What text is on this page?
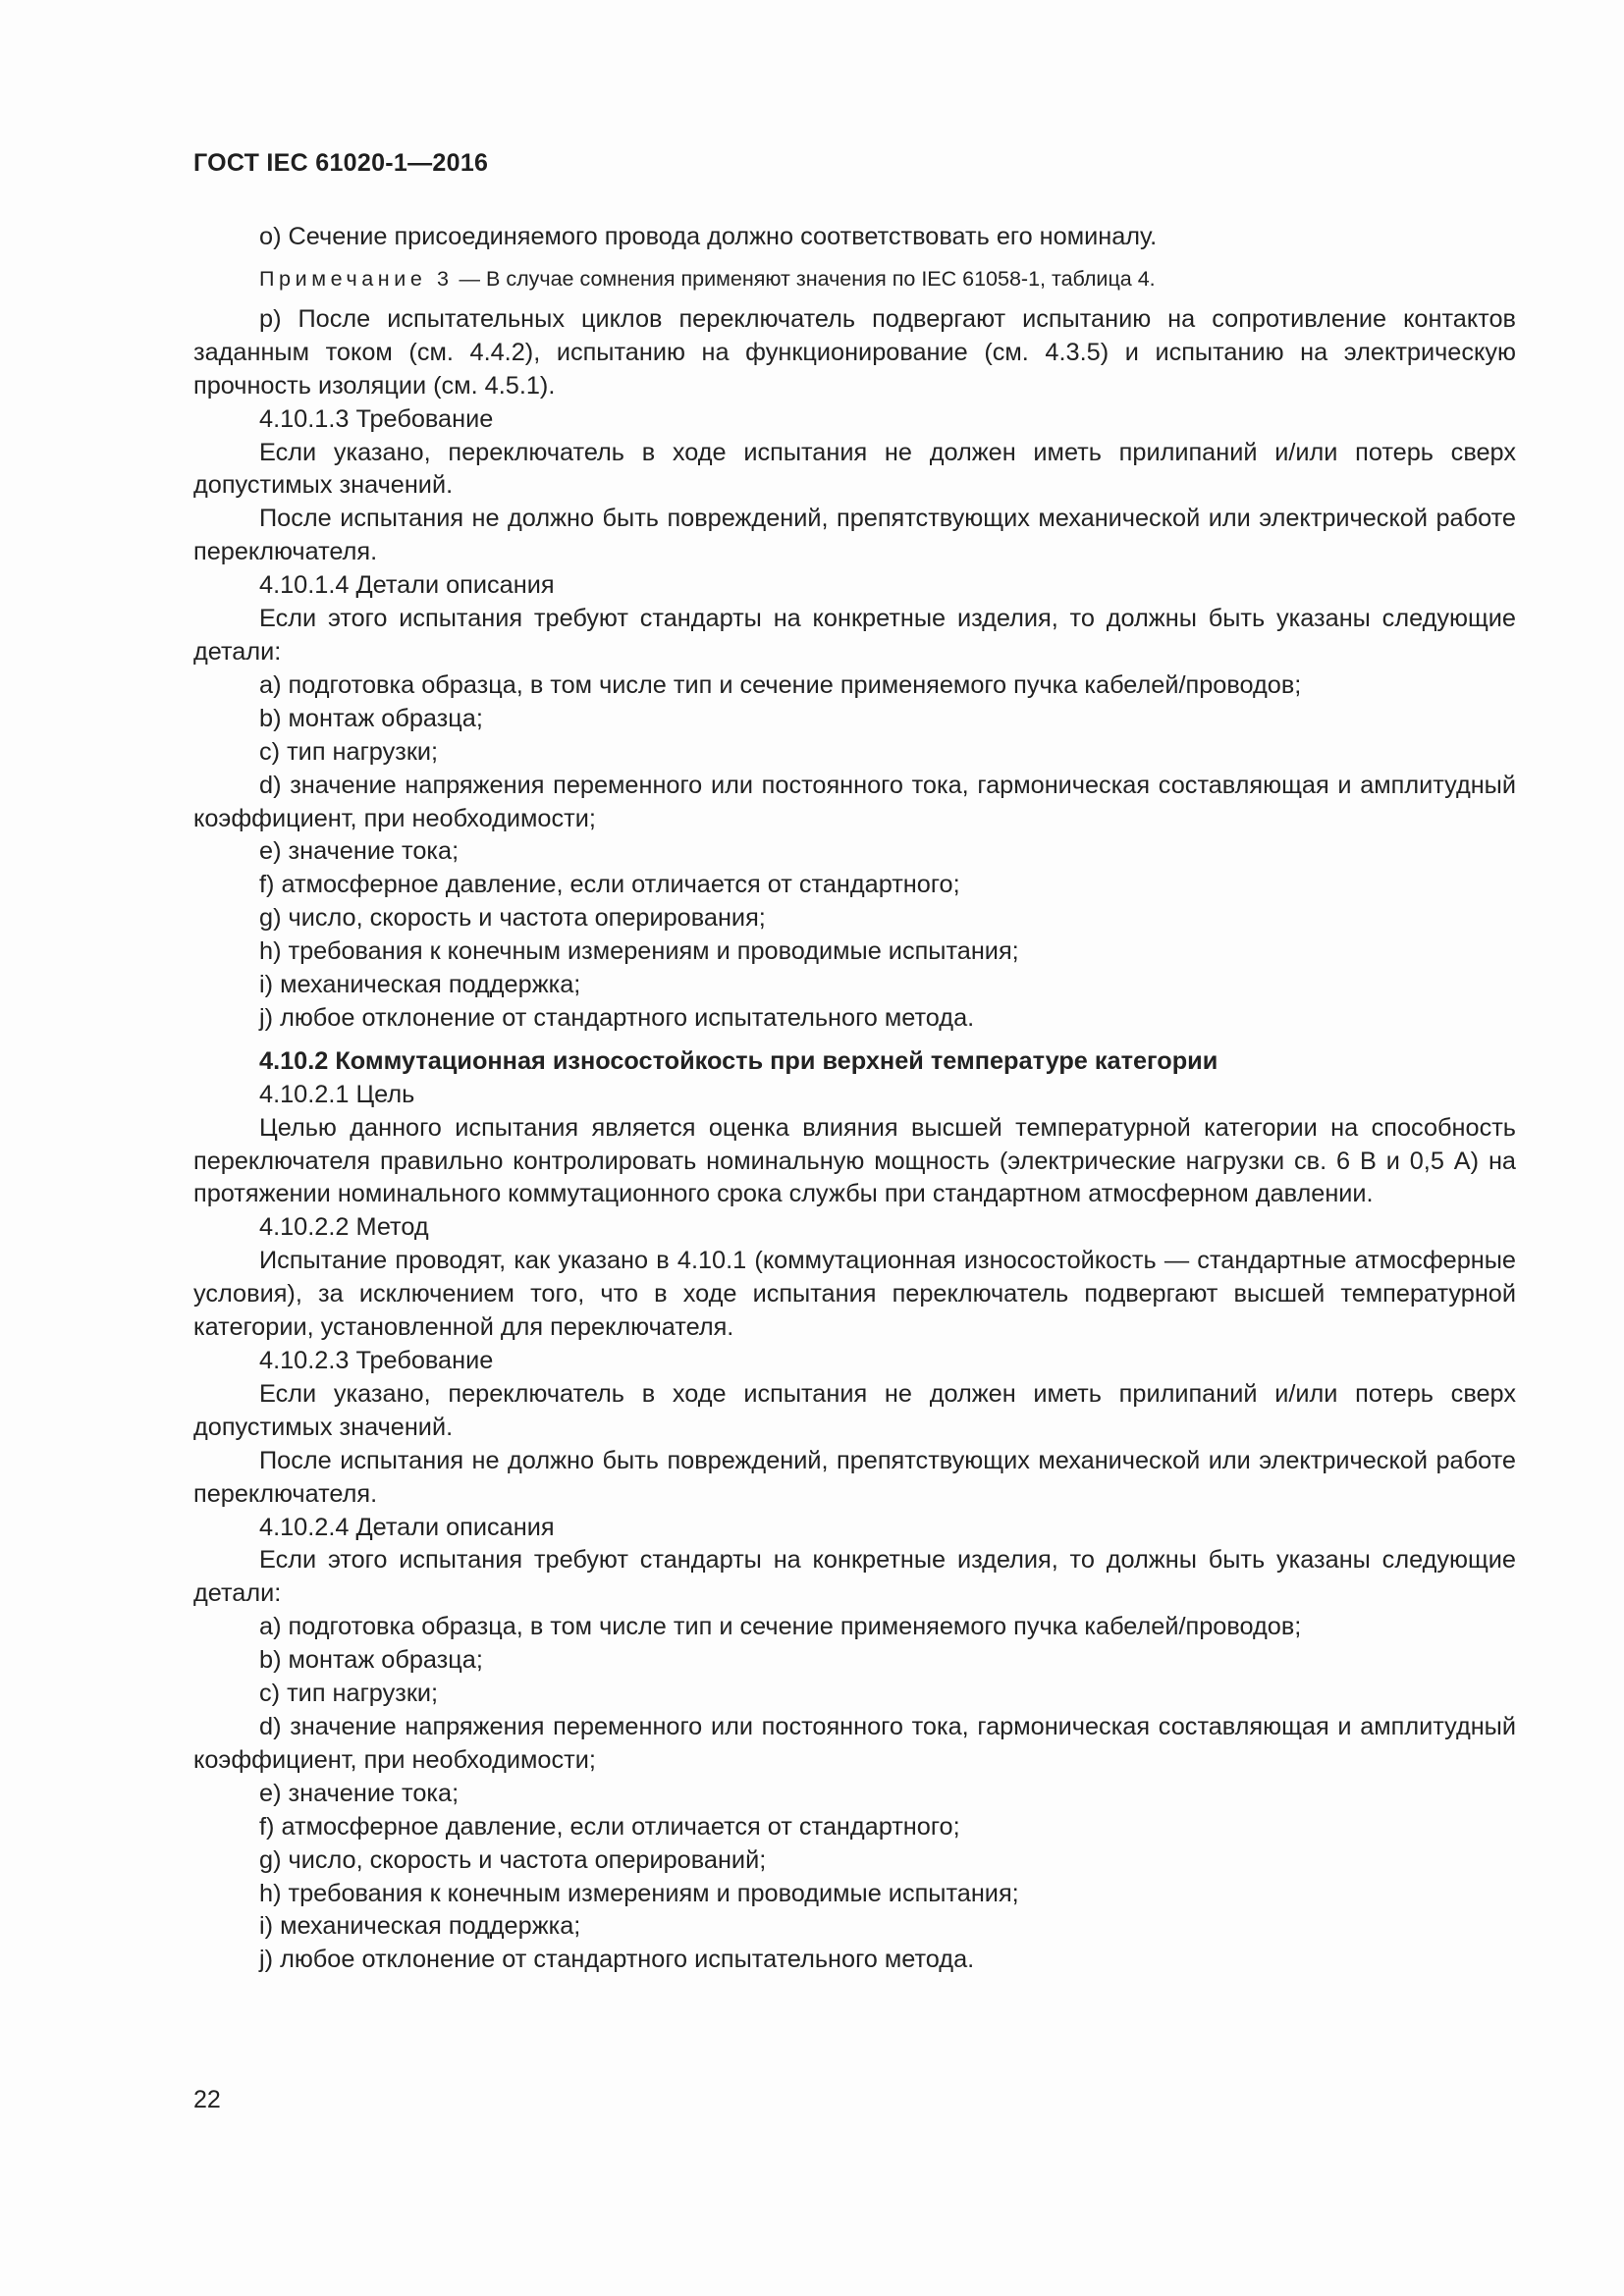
ГОСТ IEC 61020-1—2016

o) Сечение присоединяемого провода должно соответствовать его номиналу.

Примечание 3 — В случае сомнения применяют значения по IEC 61058-1, таблица 4.

p) После испытательных циклов переключатель подвергают испытанию на сопротивление контактов заданным током (см. 4.4.2), испытанию на функционирование (см. 4.3.5) и испытанию на электрическую прочность изоляции (см. 4.5.1).

4.10.1.3 Требование

Если указано, переключатель в ходе испытания не должен иметь прилипаний и/или потерь сверх допустимых значений.

После испытания не должно быть повреждений, препятствующих механической или электрической работе переключателя.

4.10.1.4 Детали описания

Если этого испытания требуют стандарты на конкретные изделия, то должны быть указаны следующие детали:

a) подготовка образца, в том числе тип и сечение применяемого пучка кабелей/проводов;

b) монтаж образца;

c) тип нагрузки;

d) значение напряжения переменного или постоянного тока, гармоническая составляющая и амплитудный коэффициент, при необходимости;

e) значение тока;

f) атмосферное давление, если отличается от стандартного;

g) число, скорость и частота оперирования;

h) требования к конечным измерениям и проводимые испытания;

i) механическая поддержка;

j) любое отклонение от стандартного испытательного метода.

4.10.2 Коммутационная износостойкость при верхней температуре категории

4.10.2.1 Цель

Целью данного испытания является оценка влияния высшей температурной категории на способность переключателя правильно контролировать номинальную мощность (электрические нагрузки св. 6 В и 0,5 А) на протяжении номинального коммутационного срока службы при стандартном атмосферном давлении.

4.10.2.2 Метод

Испытание проводят, как указано в 4.10.1 (коммутационная износостойкость — стандартные атмосферные условия), за исключением того, что в ходе испытания переключатель подвергают высшей температурной категории, установленной для переключателя.

4.10.2.3 Требование

Если указано, переключатель в ходе испытания не должен иметь прилипаний и/или потерь сверх допустимых значений.

После испытания не должно быть повреждений, препятствующих механической или электрической работе переключателя.

4.10.2.4 Детали описания

Если этого испытания требуют стандарты на конкретные изделия, то должны быть указаны следующие детали:

a) подготовка образца, в том числе тип и сечение применяемого пучка кабелей/проводов;

b) монтаж образца;

c) тип нагрузки;

d) значение напряжения переменного или постоянного тока, гармоническая составляющая и амплитудный коэффициент, при необходимости;

e) значение тока;

f) атмосферное давление, если отличается от стандартного;

g) число, скорость и частота оперирований;

h) требования к конечным измерениям и проводимые испытания;

i) механическая поддержка;

j) любое отклонение от стандартного испытательного метода.

22
